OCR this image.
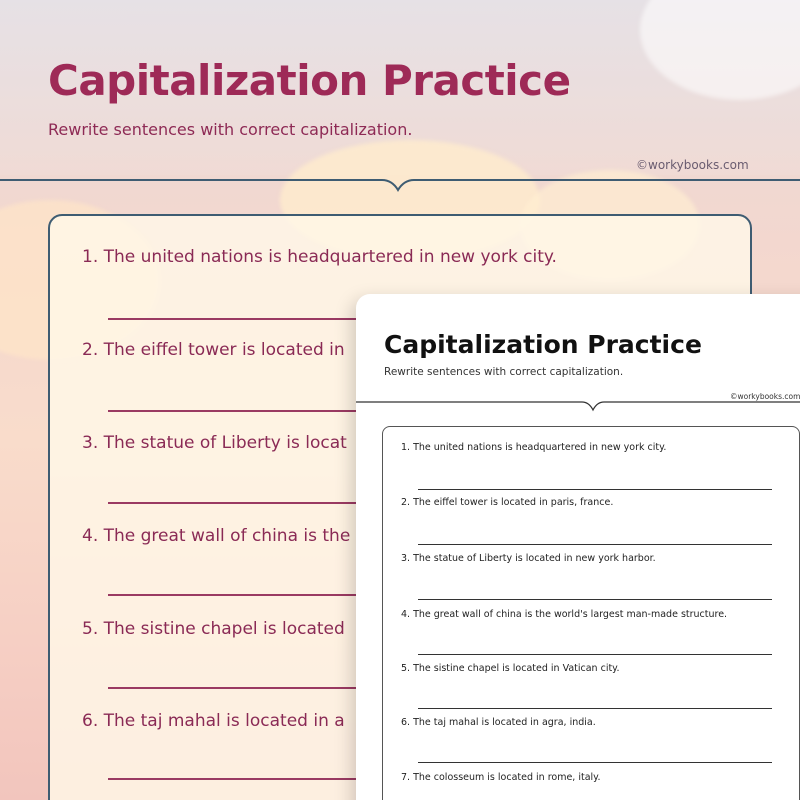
Capitalization Practice
Rewrite sentences with correct capitalization.
©workybooks.com
1. The united nations is headquartered in new york city.
2. The eiffel tower is located in
3. The statue of Liberty is locat
4. The great wall of china is the
5. The sistine chapel is located
6. The taj mahal is located in a
Capitalization Practice
Rewrite sentences with correct capitalization.
©workybooks.com
1. The united nations is headquartered in new york city.
2. The eiffel tower is located in paris, france.
3. The statue of Liberty is located in new york harbor.
4. The great wall of china is the world's largest man-made structure.
5. The sistine chapel is located in Vatican city.
6. The taj mahal is located in agra, india.
7. The colosseum is located in rome, italy.
